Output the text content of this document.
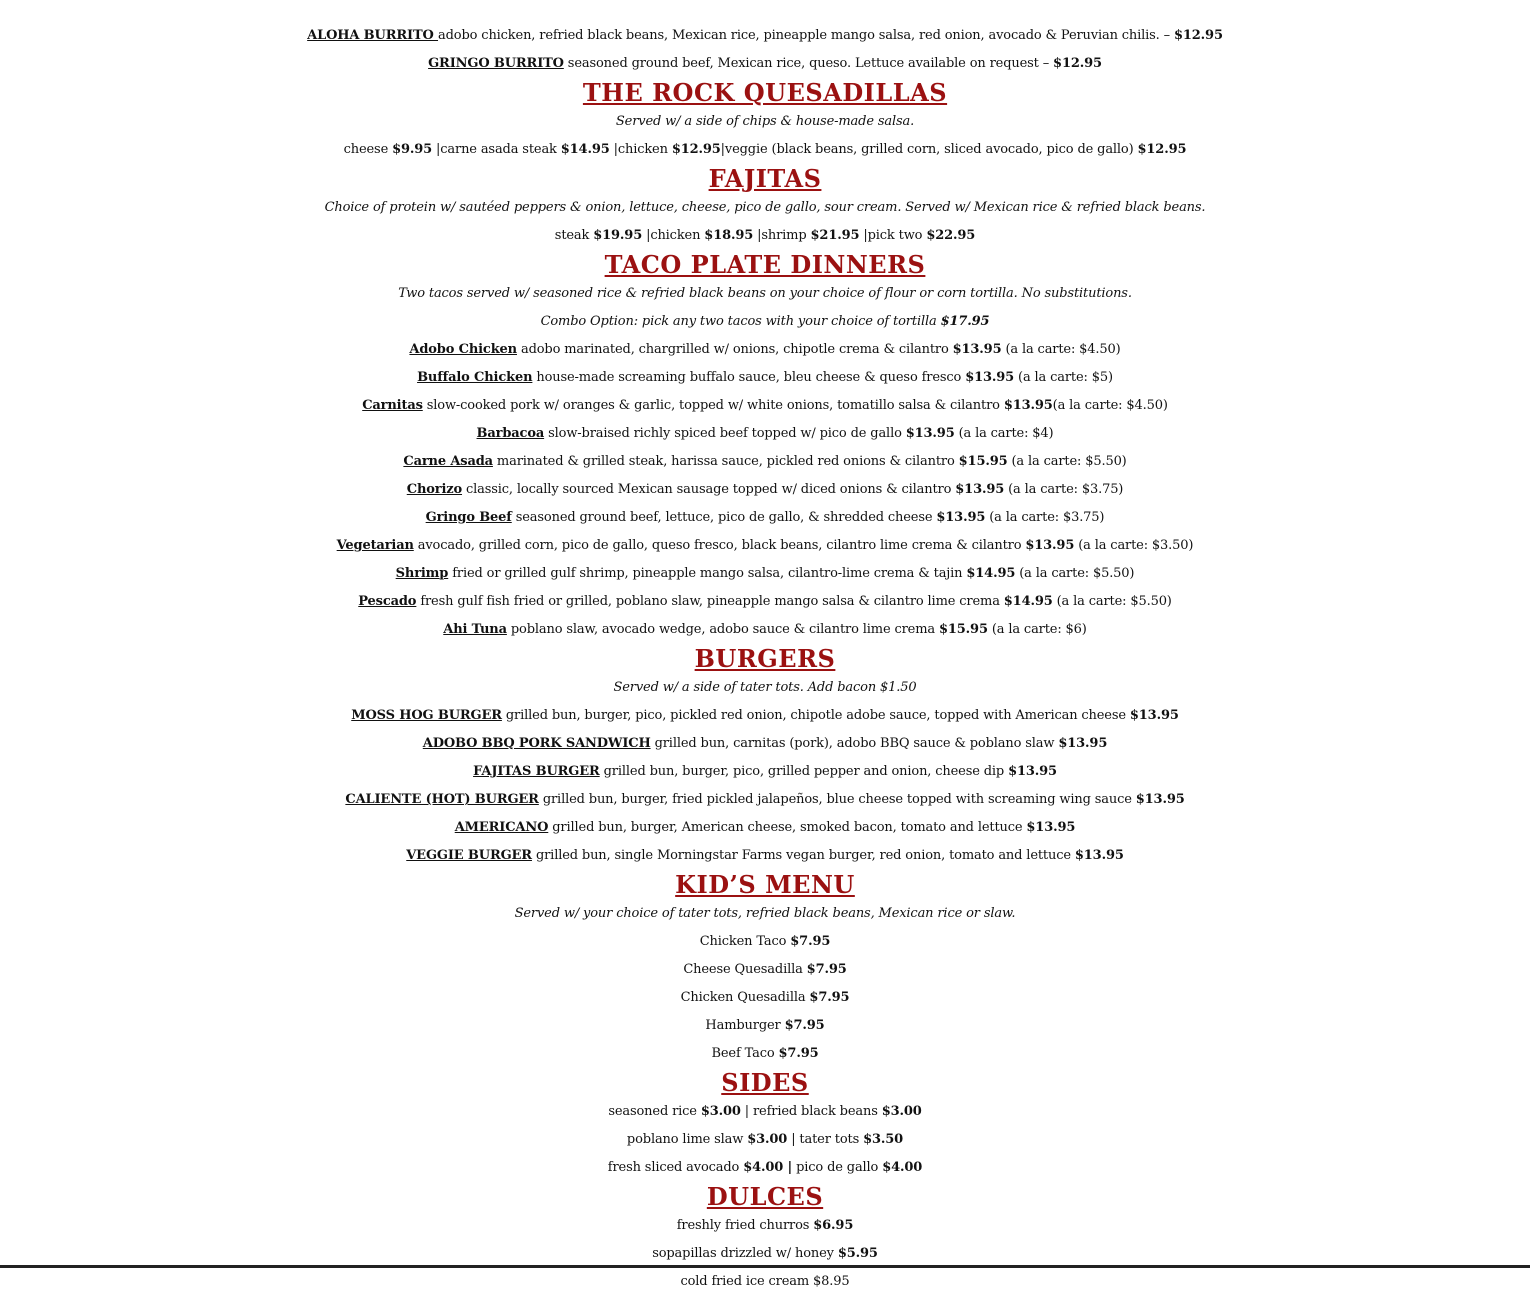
ALOHA BURRITO adobo chicken, refried black beans, Mexican rice, pineapple mango salsa, red onion, avocado & Peruvian chilis. – $12.95
GRINGO BURRITO seasoned ground beef, Mexican rice, queso. Lettuce available on request – $12.95
THE ROCK QUESADILLAS
Served w/ a side of chips & house-made salsa.
cheese $9.95 |carne asada steak $14.95 |chicken $12.95|veggie (black beans, grilled corn, sliced avocado, pico de gallo) $12.95
FAJITAS
Choice of protein w/ sautéed peppers & onion, lettuce, cheese, pico de gallo, sour cream. Served w/ Mexican rice & refried black beans.
steak $19.95 |chicken $18.95 |shrimp $21.95 |pick two $22.95
TACO PLATE DINNERS
Two tacos served w/ seasoned rice & refried black beans on your choice of flour or corn tortilla. No substitutions.
Combo Option: pick any two tacos with your choice of tortilla $17.95
Adobo Chicken adobo marinated, chargrilled w/ onions, chipotle crema & cilantro $13.95 (a la carte: $4.50)
Buffalo Chicken house-made screaming buffalo sauce, bleu cheese & queso fresco $13.95 (a la carte: $5)
Carnitas slow-cooked pork w/ oranges & garlic, topped w/ white onions, tomatillo salsa & cilantro $13.95(a la carte: $4.50)
Barbacoa slow-braised richly spiced beef topped w/ pico de gallo $13.95 (a la carte: $4)
Carne Asada marinated & grilled steak, harissa sauce, pickled red onions & cilantro $15.95 (a la carte: $5.50)
Chorizo classic, locally sourced Mexican sausage topped w/ diced onions & cilantro $13.95 (a la carte: $3.75)
Gringo Beef seasoned ground beef, lettuce, pico de gallo, & shredded cheese $13.95 (a la carte: $3.75)
Vegetarian avocado, grilled corn, pico de gallo, queso fresco, black beans, cilantro lime crema & cilantro $13.95 (a la carte: $3.50)
Shrimp fried or grilled gulf shrimp, pineapple mango salsa, cilantro-lime crema & tajin $14.95 (a la carte: $5.50)
Pescado fresh gulf fish fried or grilled, poblano slaw, pineapple mango salsa & cilantro lime crema $14.95 (a la carte: $5.50)
Ahi Tuna poblano slaw, avocado wedge, adobo sauce & cilantro lime crema $15.95 (a la carte: $6)
BURGERS
Served w/ a side of tater tots. Add bacon $1.50
MOSS HOG BURGER grilled bun, burger, pico, pickled red onion, chipotle adobe sauce, topped with American cheese $13.95
ADOBO BBQ PORK SANDWICH grilled bun, carnitas (pork), adobo BBQ sauce & poblano slaw $13.95
FAJITAS BURGER grilled bun, burger, pico, grilled pepper and onion, cheese dip $13.95
CALIENTE (HOT) BURGER grilled bun, burger, fried pickled jalapeños, blue cheese topped with screaming wing sauce $13.95
AMERICANO grilled bun, burger, American cheese, smoked bacon, tomato and lettuce $13.95
VEGGIE BURGER grilled bun, single Morningstar Farms vegan burger, red onion, tomato and lettuce $13.95
KID’S MENU
Served w/ your choice of tater tots, refried black beans, Mexican rice or slaw.
Chicken Taco $7.95
Cheese Quesadilla $7.95
Chicken Quesadilla $7.95
Hamburger $7.95
Beef Taco $7.95
SIDES
seasoned rice $3.00 | refried black beans $3.00
poblano lime slaw $3.00 | tater tots $3.50
fresh sliced avocado $4.00 | pico de gallo $4.00
DULCES
freshly fried churros $6.95
sopapillas drizzled w/ honey $5.95
cold fried ice cream $8.95
